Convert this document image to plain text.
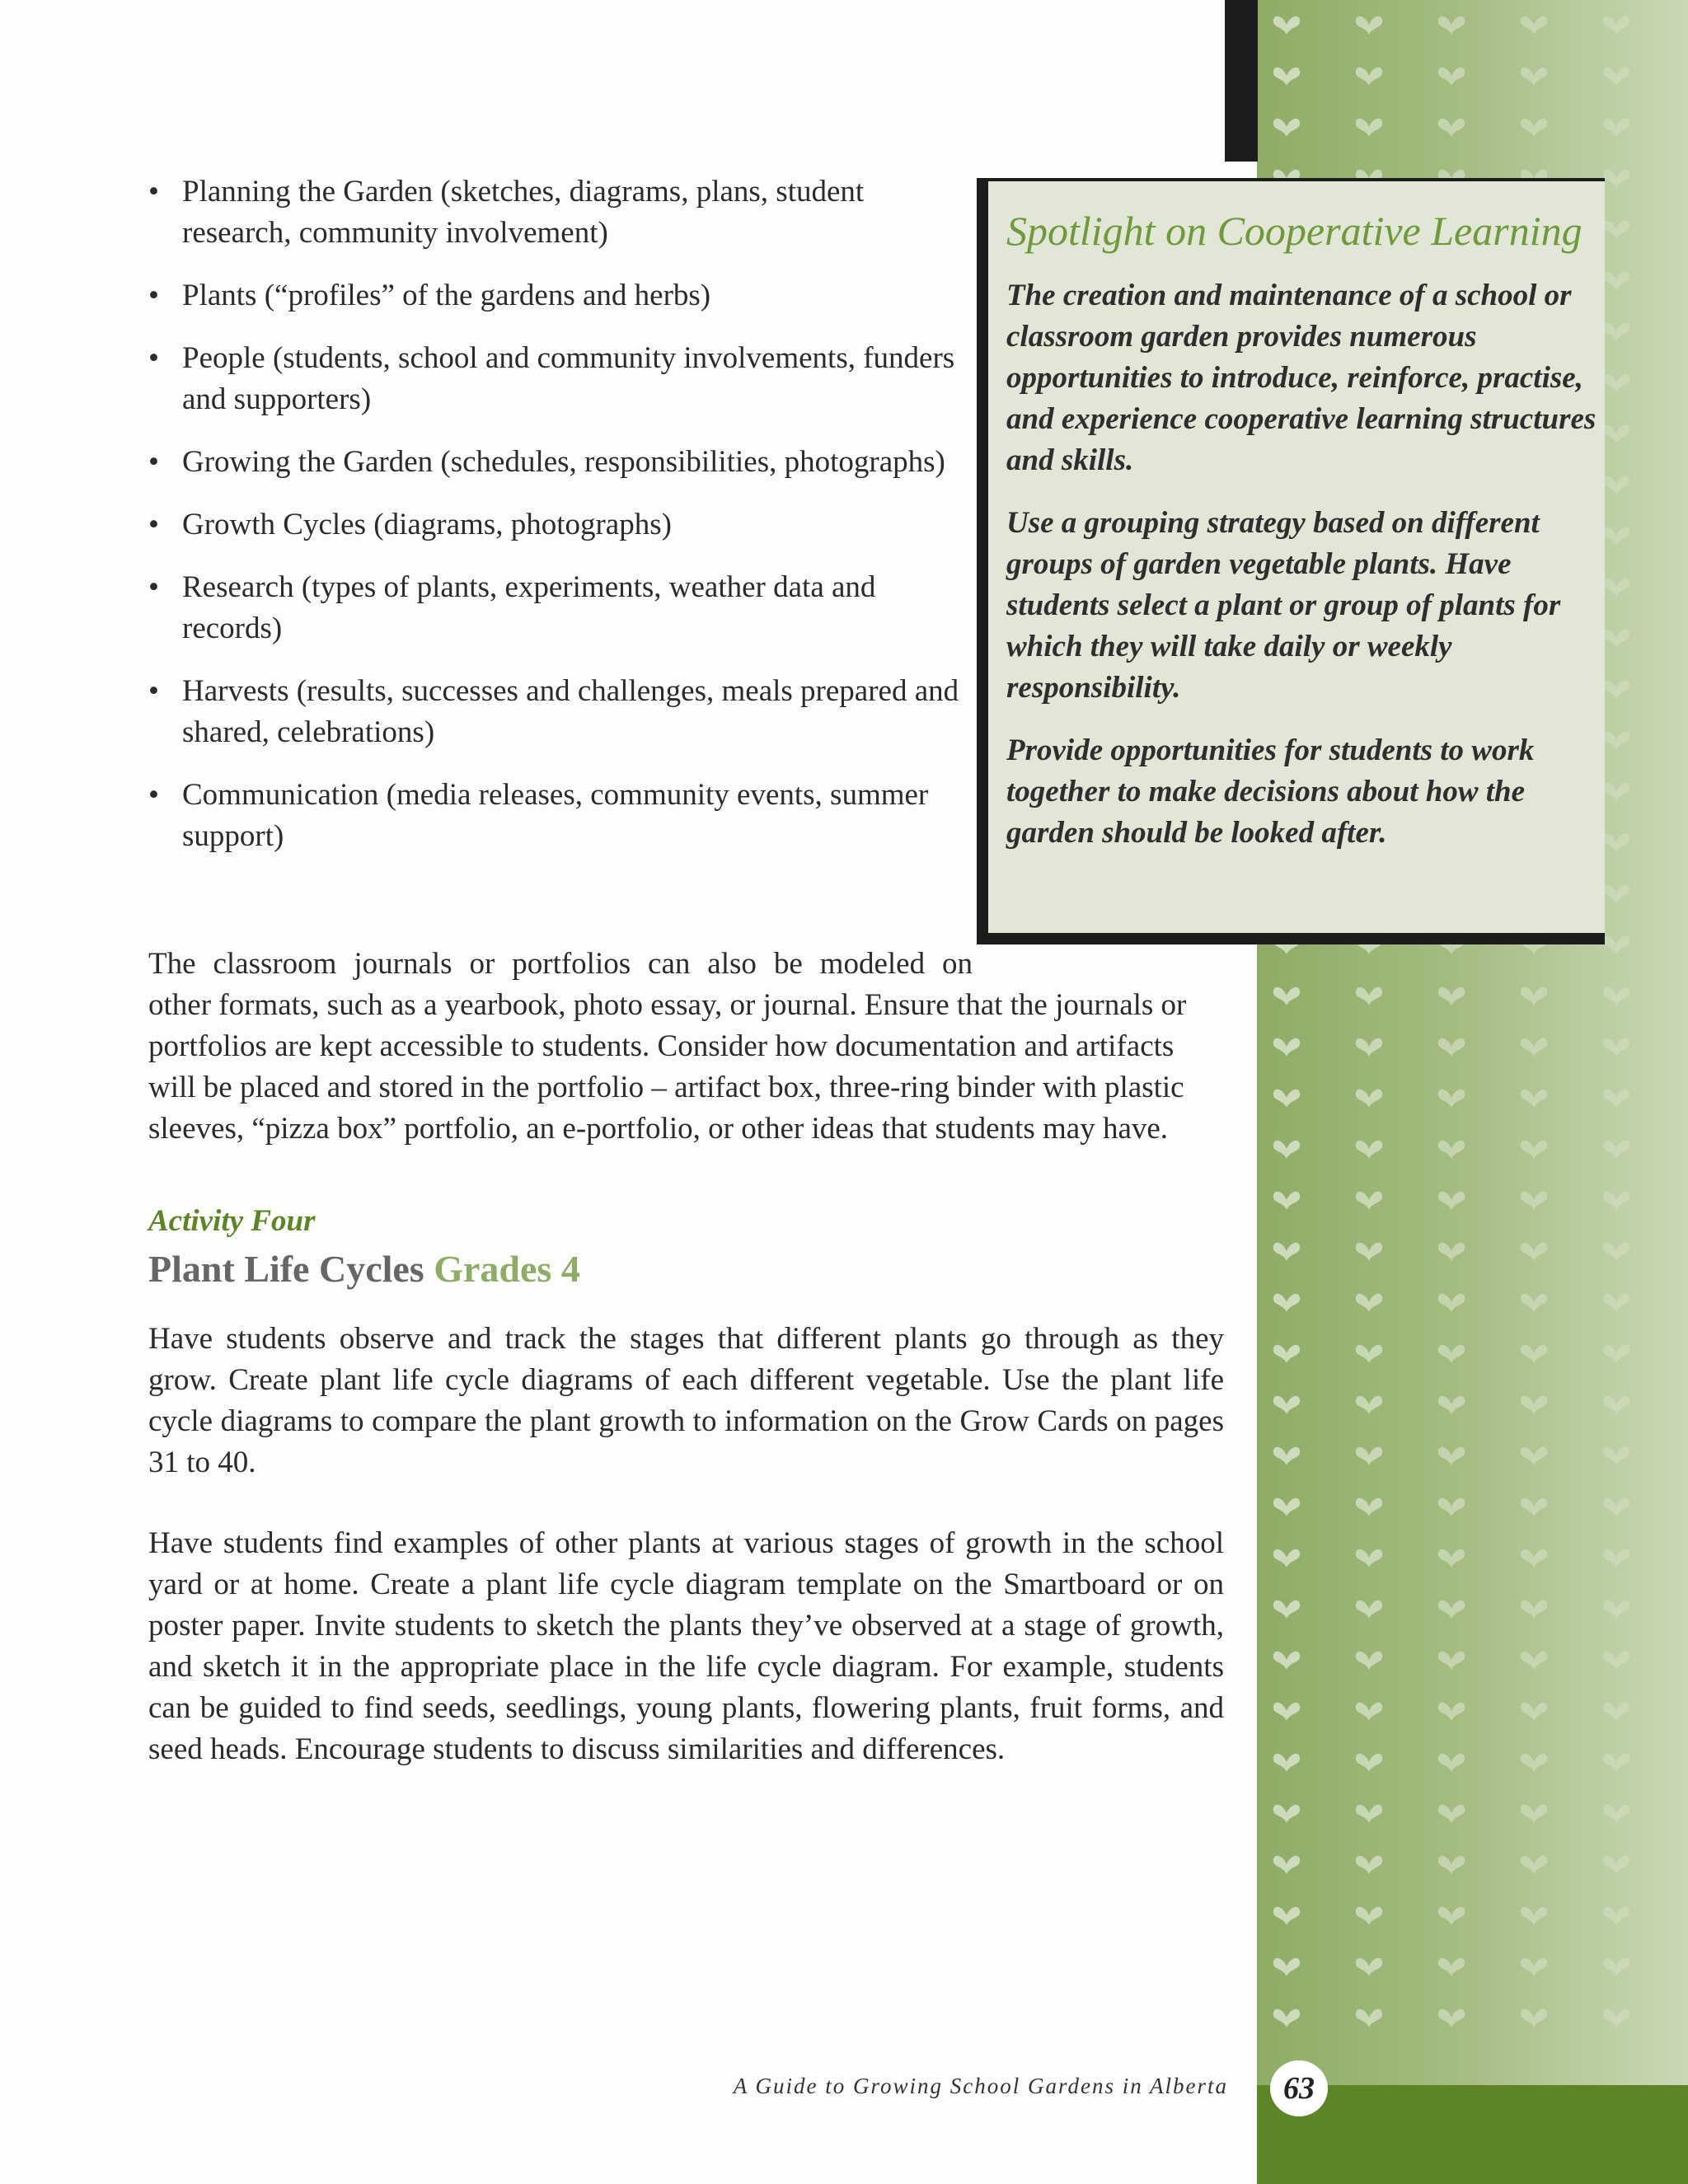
• Planning the Garden (sketches, diagrams, plans, student research, community involvement)
• Plants (“profiles” of the gardens and herbs)
• People (students, school and community involvements, funders and supporters)
• Growing the Garden (schedules, responsibilities, photographs)
• Growth Cycles (diagrams, photographs)
• Research (types of plants, experiments, weather data and records)
• Harvests (results, successes and challenges, meals prepared and shared, celebrations)
• Communication (media releases, community events, summer support)
Spotlight on Cooperative Learning

The creation and maintenance of a school or classroom garden provides numerous opportunities to introduce, reinforce, practise, and experience cooperative learning structures and skills.

Use a grouping strategy based on different groups of garden vegetable plants. Have students select a plant or group of plants for which they will take daily or weekly responsibility.

Provide opportunities for students to work together to make decisions about how the garden should be looked after.

The classroom journals or portfolios can also be modeled on
other formats, such as a yearbook, photo essay, or journal. Ensure that the journals or portfolios are kept accessible to students. Consider how documentation and artifacts will be placed and stored in the portfolio – artifact box, three-ring binder with plastic sleeves, “pizza box” portfolio, an e-portfolio, or other ideas that students may have.

Activity Four

Plant Life Cycles Grades 4

Have students observe and track the stages that different plants go through as they grow. Create plant life cycle diagrams of each different vegetable. Use the plant life cycle diagrams to compare the plant growth to information on the Grow Cards on pages 31 to 40.

Have students find examples of other plants at various stages of growth in the school yard or at home. Create a plant life cycle diagram template on the Smartboard or on poster paper. Invite students to sketch the plants they’ve observed at a stage of growth, and sketch it in the appropriate place in the life cycle diagram. For example, students can be guided to find seeds, seedlings, young plants, flowering plants, fruit forms, and seed heads. Encourage students to discuss similarities and differences.

A Guide to Growing School Gardens in Alberta	63
